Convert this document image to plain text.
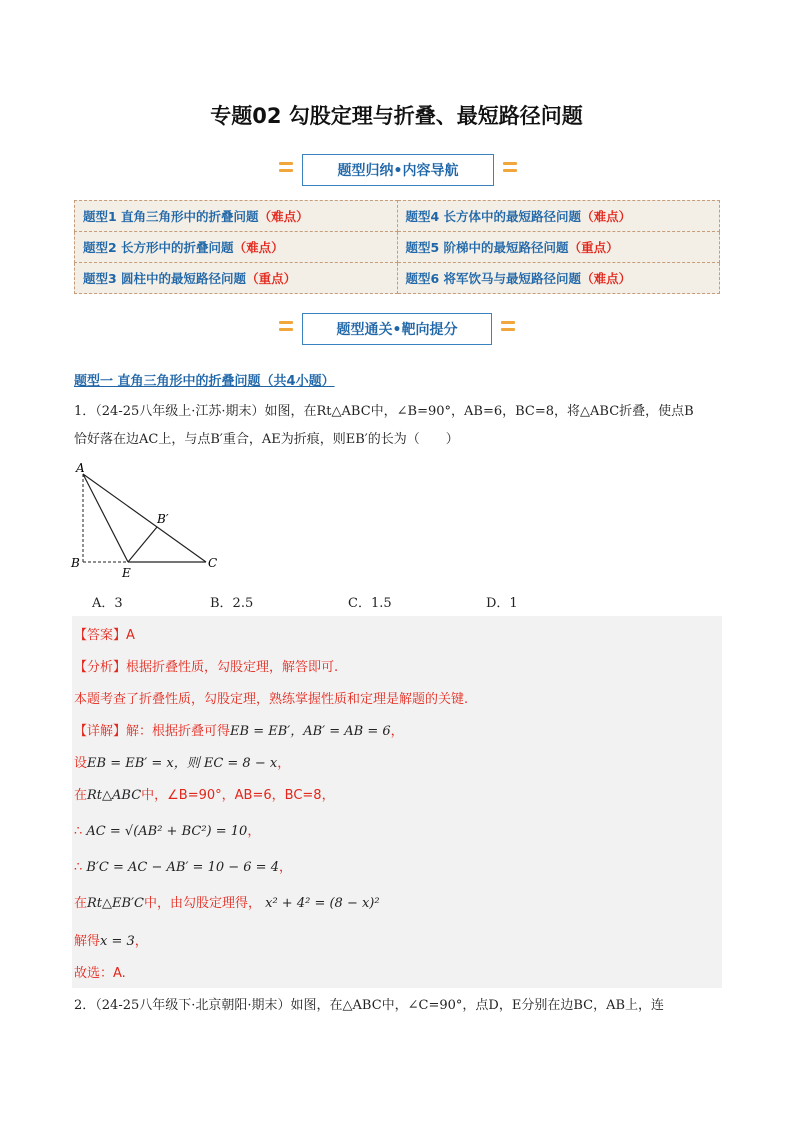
专题02 勾股定理与折叠、最短路径问题
题型归纳•内容导航
题型1 直角三角形中的折叠问题（难点）	题型4 长方体中的最短路径问题（难点）
题型2 长方形中的折叠问题（难点）	题型5 阶梯中的最短路径问题（重点）
题型3 圆柱中的最短路径问题（重点）	题型6 将军饮马与最短路径问题（难点）
题型通关•靶向提分
题型一 直角三角形中的折叠问题（共4小题）
1．（24-25八年级上·江苏·期末）如图，在Rt△ABC中，∠B=90°，AB=6，BC=8，将△ABC折叠，使点B
恰好落在边AC上，与点B′重合，AE为折痕，则EB′的长为（　　）
A
B
E
C
B′
A．3	B．2.5	C．1.5	D．1
【答案】A
【分析】根据折叠性质，勾股定理，解答即可.
本题考查了折叠性质，勾股定理，熟练掌握性质和定理是解题的关键.
【详解】解：根据折叠可得EB = EB′，AB′ = AB = 6，
设EB = EB′ = x，则 EC = 8 − x，
在Rt△ABC中，∠B=90°，AB=6，BC=8，
∴ AC = √(AB² + BC²) = 10，
∴ B′C = AC − AB′ = 10 − 6 = 4，
在Rt△EB′C中，由勾股定理得， x² + 4² = (8 − x)²
解得x = 3，
故选：A.
2．（24-25八年级下·北京朝阳·期末）如图，在△ABC中，∠C=90°，点D，E分别在边BC，AB上，连
